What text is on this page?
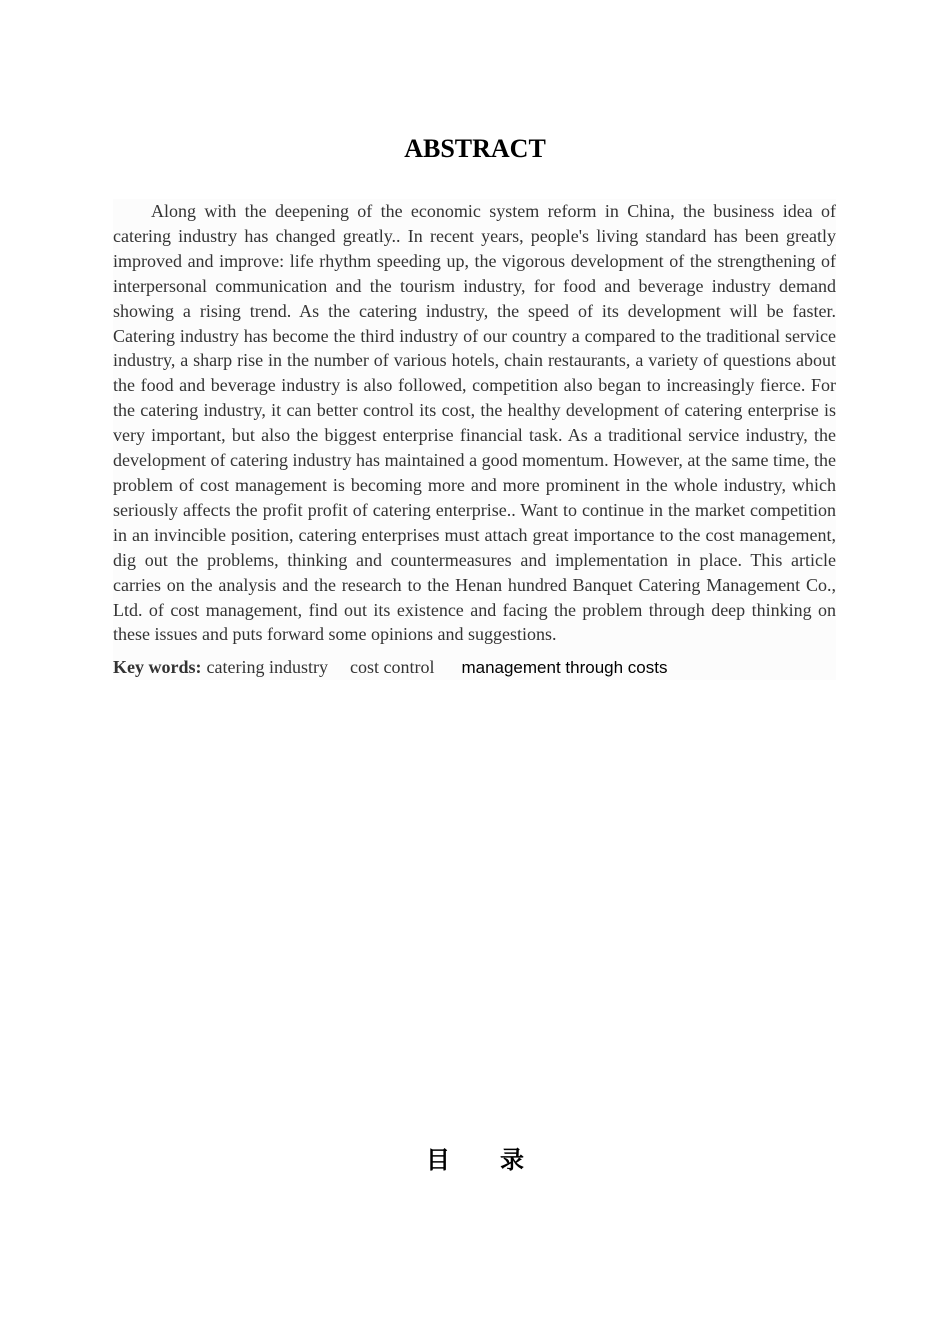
ABSTRACT

Along with the deepening of the economic system reform in China, the business idea of catering industry has changed greatly.. In recent years, people's living standard has been greatly improved and improve: life rhythm speeding up, the vigorous development of the strengthening of interpersonal communication and the tourism industry, for food and beverage industry demand showing a rising trend. As the catering industry, the speed of its development will be faster. Catering industry has become the third industry of our country a compared to the traditional service industry, a sharp rise in the number of various hotels, chain restaurants, a variety of questions about the food and beverage industry is also followed, competition also began to increasingly fierce. For the catering industry, it can better control its cost, the healthy development of catering enterprise is very important, but also the biggest enterprise financial task. As a traditional service industry, the development of catering industry has maintained a good momentum. However, at the same time, the problem of cost management is becoming more and more prominent in the whole industry, which seriously affects the profit profit of catering enterprise.. Want to continue in the market competition in an invincible position, catering enterprises must attach great importance to the cost management, dig out the problems, thinking and countermeasures and implementation in place. This article carries on the analysis and the research to the Henan hundred Banquet Catering Management Co., Ltd. of cost management, find out its existence and facing the problem through deep thinking on these issues and puts forward some opinions and suggestions.

Key words: catering industry cost control management through costs
目 录
